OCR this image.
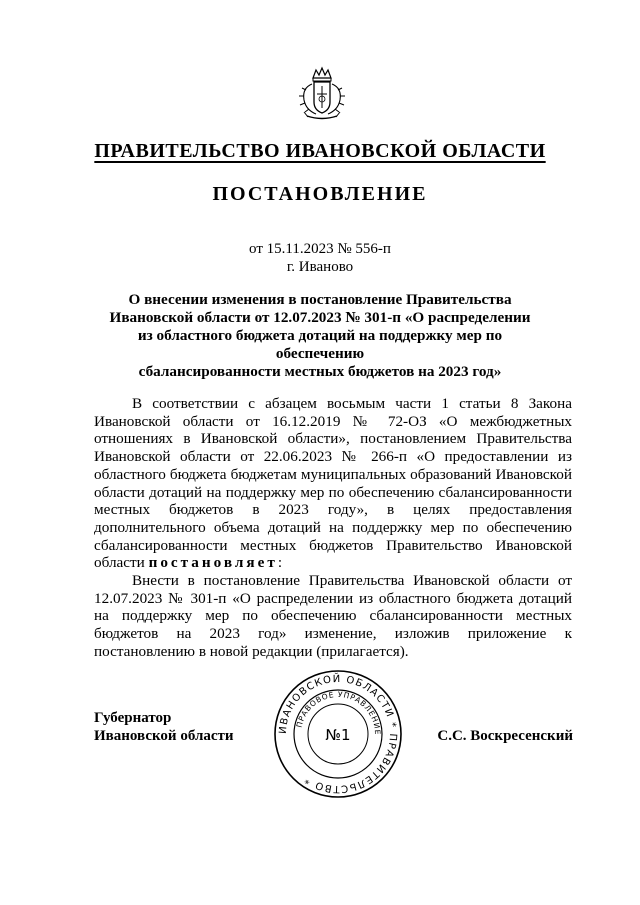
ПРАВИТЕЛЬСТВО ИВАНОВСКОЙ ОБЛАСТИ
ПОСТАНОВЛЕНИЕ
от 15.11.2023 № 556-п
г. Иваново
О внесении изменения в постановление Правительства
Ивановской области от 12.07.2023 № 301-п «О распределении
из областного бюджета дотаций на поддержку мер по обеспечению
сбалансированности местных бюджетов на 2023 год»

В соответствии с абзацем восьмым части 1 статьи 8 Закона Ивановской области от 16.12.2019 № 72-ОЗ «О межбюджетных отношениях в Ивановской области», постановлением Правительства Ивановской области от 22.06.2023 № 266-п «О предоставлении из областного бюджета бюджетам муниципальных образований Ивановской области дотаций на поддержку мер по обеспечению сбалансированности местных бюджетов в 2023 году», в целях предоставления дополнительного объема дотаций на поддержку мер по обеспечению сбалансированности местных бюджетов Правительство Ивановской области постановляет:

Внести в постановление Правительства Ивановской области от 12.07.2023 № 301-п «О распределении из областного бюджета дотаций на поддержку мер по обеспечению сбалансированности местных бюджетов на 2023 год» изменение, изложив приложение к постановлению в новой редакции (прилагается).

Губернатор
Ивановской области	С.С. Воскресенский
ИВАНОВСКОЙ ОБЛАСТИ * ПРАВИТЕЛЬСТВО *
ПРАВОВОЕ УПРАВЛЕНИЕ
№1
